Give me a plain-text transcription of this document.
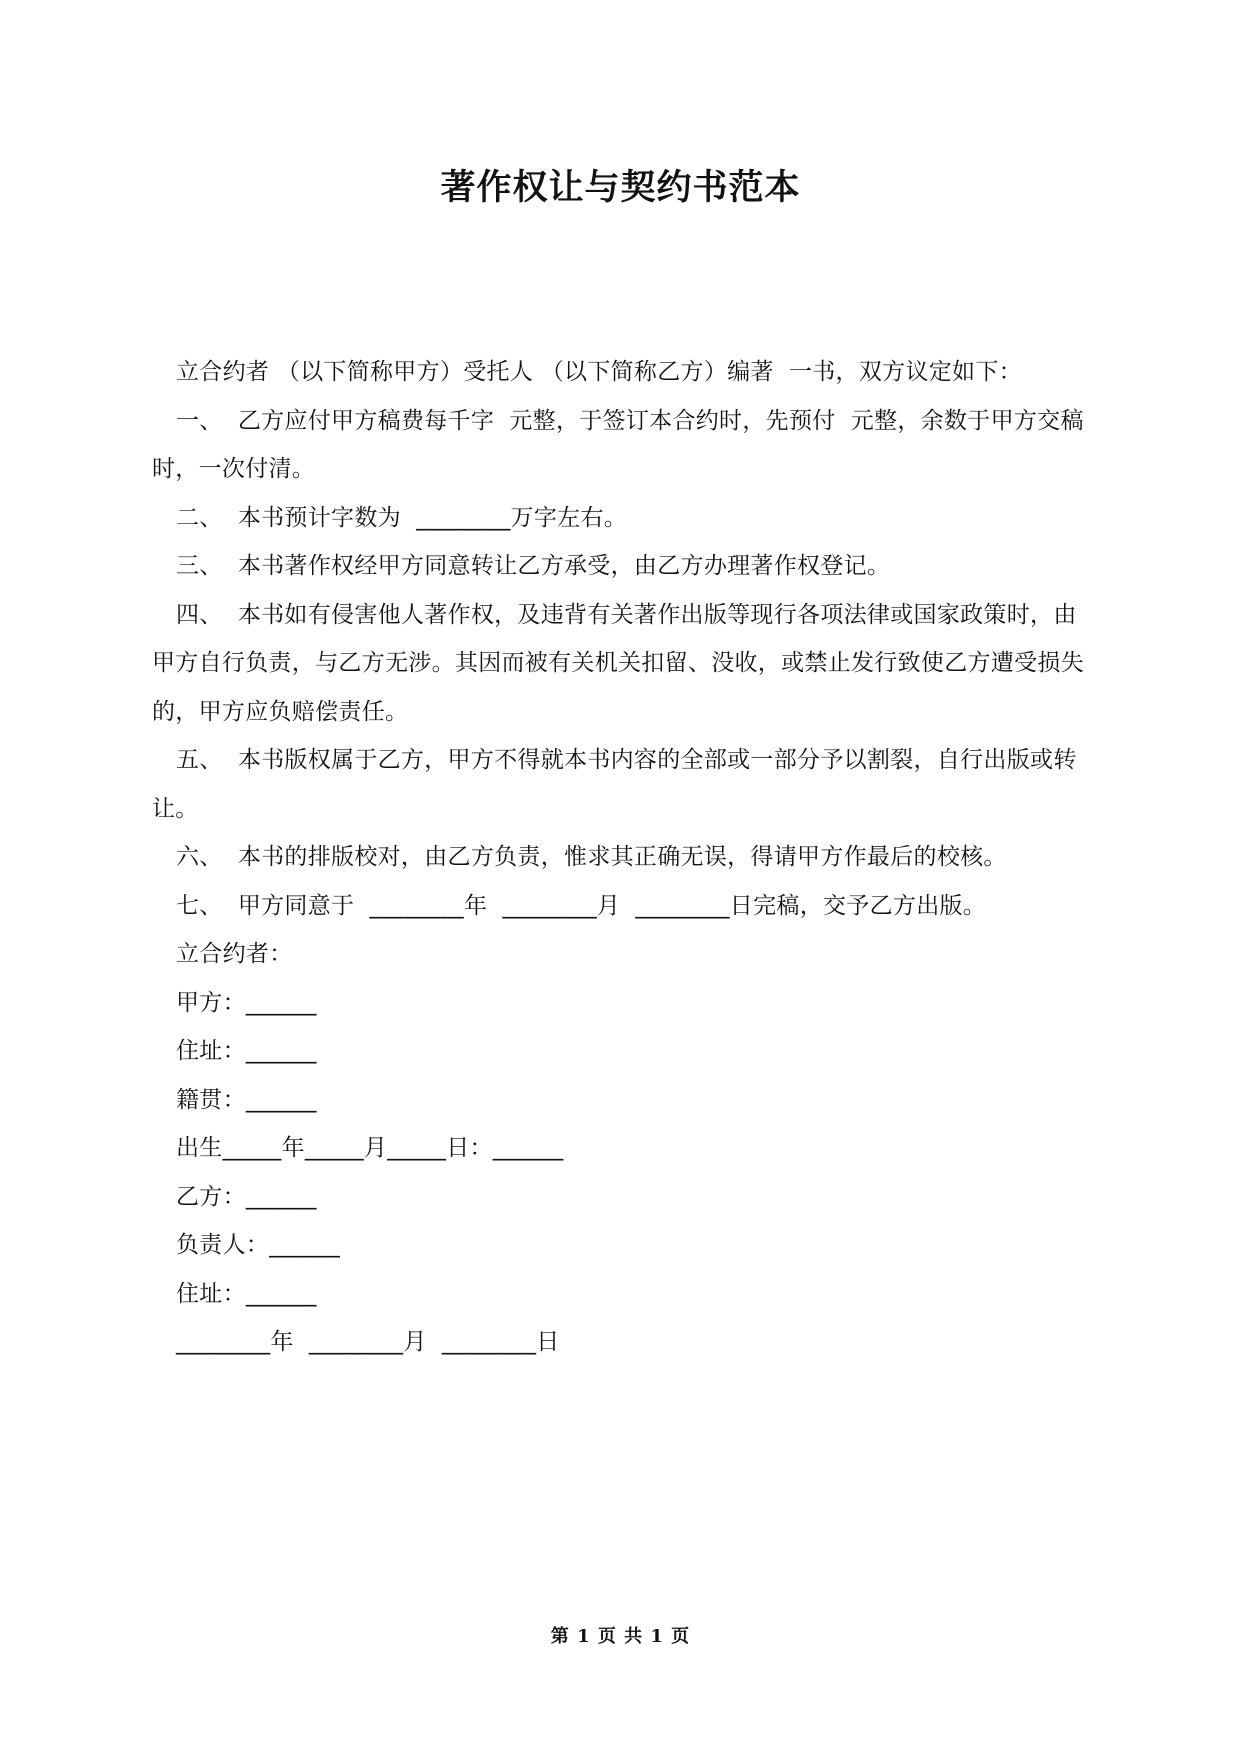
著作权让与契约书范本

立合约者 （以下简称甲方）受托人 （以下简称乙方）编著  一书，双方议定如下：

一、  乙方应付甲方稿费每千字  元整，于签订本合约时，先预付  元整，余数于甲方交稿时，一次付清。

二、  本书预计字数为  ________万字左右。

三、  本书著作权经甲方同意转让乙方承受，由乙方办理著作权登记。

四、  本书如有侵害他人著作权，及违背有关著作出版等现行各项法律或国家政策时，由甲方自行负责，与乙方无涉。其因而被有关机关扣留、没收，或禁止发行致使乙方遭受损失的，甲方应负赔偿责任。

五、  本书版权属于乙方，甲方不得就本书内容的全部或一部分予以割裂，自行出版或转让。

六、  本书的排版校对，由乙方负责，惟求其正确无误，得请甲方作最后的校核。

七、  甲方同意于  ________年  ________月  ________日完稿，交予乙方出版。

立合约者：

甲方：______

住址：______

籍贯：______

出生_____年_____月_____日：______

乙方：______

负责人：______

住址：______

________年  ________月  ________日

第 1 页 共 1 页
